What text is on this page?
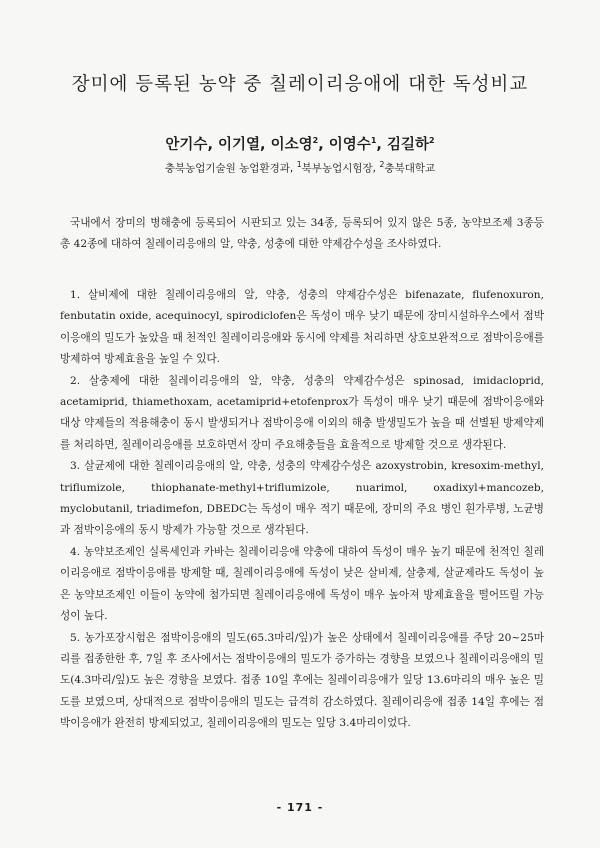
장미에 등록된 농약 중 칠레이리응애에 대한 독성비교
안기수, 이기열, 이소영$^2$, 이영수$^1$, 김길하$^2$
충북농업기술원 농업환경과, $^1$북부농업시험장, $^2$충북대학교
국내에서 장미의 병해충에 등록되어 시판되고 있는 34종, 등록되어 있지 않은 5종, 농약보조제 3종등 총 42종에 대하여 칠레이리응애의 알, 약충, 성충에 대한 약제감수성을 조사하였다.

1. 살비제에 대한 칠레이리응애의 알, 약충, 성충의 약제감수성은 bifenazate, flufenoxuron, fenbutatin oxide, acequinocyl, spirodiclofen은 독성이 매우 낮기 때문에 장미시설하우스에서 점박이응애의 밀도가 높았을 때 천적인 칠레이리응애와 동시에 약제를 처리하면 상호보완적으로 점박이응애를 방제하여 방제효율을 높일 수 있다.

2. 살충제에 대한 칠레이리응애의 알, 약충, 성충의 약제감수성은 spinosad, imidacloprid, acetamiprid, thiamethoxam, acetamiprid+etofenprox가 독성이 매우 낮기 때문에 점박이응애와 대상 약제들의 적용해충이 동시 발생되거나 점박이응애 이외의 해충 발생밀도가 높을 때 선별된 방제약제를 처리하면, 칠레이리응애를 보호하면서 장미 주요해충들을 효율적으로 방제할 것으로 생각된다.

3. 살균제에 대한 칠레이리응애의 알, 약충, 성충의 약제감수성은 azoxystrobin, kresoxim-methyl, triflumizole, thiophanate-methyl+triflumizole, nuarimol, oxadixyl+mancozeb, myclobutanil, triadimefon, DBEDC는 독성이 매우 적기 때문에, 장미의 주요 병인 흰가루병, 노균병과 점박이응애의 동시 방제가 가능할 것으로 생각된다.

4. 농약보조제인 실록세인과 카바는 칠레이리응애 약충에 대하여 독성이 매우 높기 때문에 천적인 칠레이리응애로 점박이응애를 방제할 때, 칠레이리응애에 독성이 낮은 살비제, 살충제, 살균제라도 독성이 높은 농약보조제인 이들이 농약에 첨가되면 칠레이리응애에 독성이 매우 높아져 방제효율을 떨어뜨릴 가능성이 높다.

5. 농가포장시험은 점박이응애의 밀도(65.3마리/잎)가 높은 상태에서 칠레이리응애를 주당 20~25마리를 접종한한 후, 7일 후 조사에서는 점박이응애의 밀도가 증가하는 경향을 보였으나 칠레이리응애의 밀도(4.3마리/잎)도 높은 경향을 보였다. 접종 10일 후에는 칠레이리응애가 잎당 13.6마리의 매우 높은 밀도를 보였으며, 상대적으로 점박이응애의 밀도는 급격히 감소하였다. 칠레이리응애 접종 14일 후에는 점박이응애가 완전히 방제되었고, 칠레이리응애의 밀도는 잎당 3.4마리이었다.

- 171 -
